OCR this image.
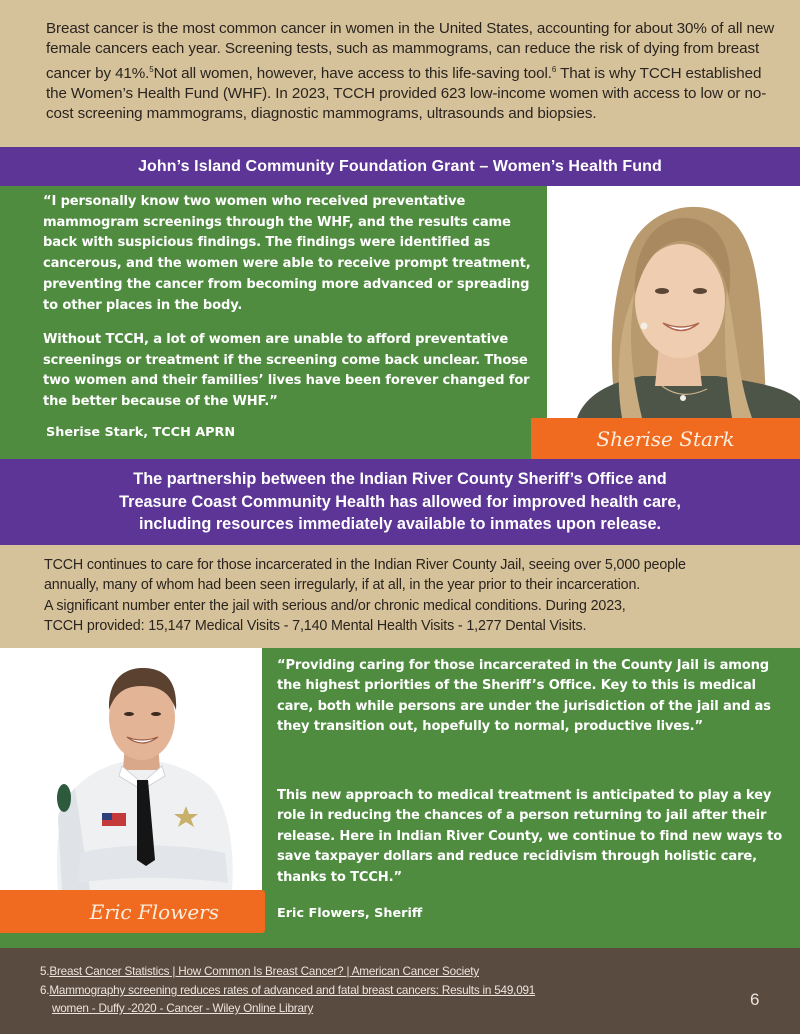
Breast cancer is the most common cancer in women in the United States, accounting for about 30% of all new female cancers each year. Screening tests, such as mammograms, can reduce the risk of dying from breast cancer by 41%.$^5$Not all women, however, have access to this life-saving tool.$^6$ That is why TCCH established the Women’s Health Fund (WHF). In 2023, TCCH provided 623 low-income women with access to low or no-cost screening mammograms, diagnostic mammograms, ultrasounds and biopsies.

John’s Island Community Foundation Grant – Women’s Health Fund

“I personally know two women who received preventative mammogram screenings through the WHF, and the results came back with suspicious findings. The findings were identified as cancerous, and the women were able to receive prompt treatment, preventing the cancer from becoming more advanced or spreading to other places in the body.

Without TCCH, a lot of women are unable to afford preventative screenings or treatment if the screening come back unclear. Those two women and their families’ lives have been forever changed for the better because of the WHF.”

Sherise Stark, TCCH APRN	Sherise Stark

The partnership between the Indian River County Sheriff’s Office and
Treasure Coast Community Health has allowed for improved health care,
including resources immediately available to inmates upon release.

TCCH continues to care for those incarcerated in the Indian River County Jail, seeing over 5,000 people
annually, many of whom had been seen irregularly, if at all, in the year prior to their incarceration.
A significant number enter the jail with serious and/or chronic medical conditions. During 2023,
TCCH provided: 15,147 Medical Visits - 7,140 Mental Health Visits - 1,277 Dental Visits.

“Providing caring for those incarcerated in the County Jail is among the highest priorities of the Sheriff’s Office. Key to this is medical care, both while persons are under the jurisdiction of the jail and as they transition out, hopefully to normal, productive lives.”

This new approach to medical treatment is anticipated to play a key role in reducing the chances of a person returning to jail after their release. Here in Indian River County, we continue to find new ways to save taxpayer dollars and reduce recidivism through holistic care, thanks to TCCH.”

Eric Flowers, Sheriff

Eric Flowers
5.Breast Cancer Statistics | How Common Is Breast Cancer? | American Cancer Society
6.Mammography screening reduces rates of advanced and fatal breast cancers: Results in 549,091
women - Duffy -2020 - Cancer - Wiley Online Library	6
